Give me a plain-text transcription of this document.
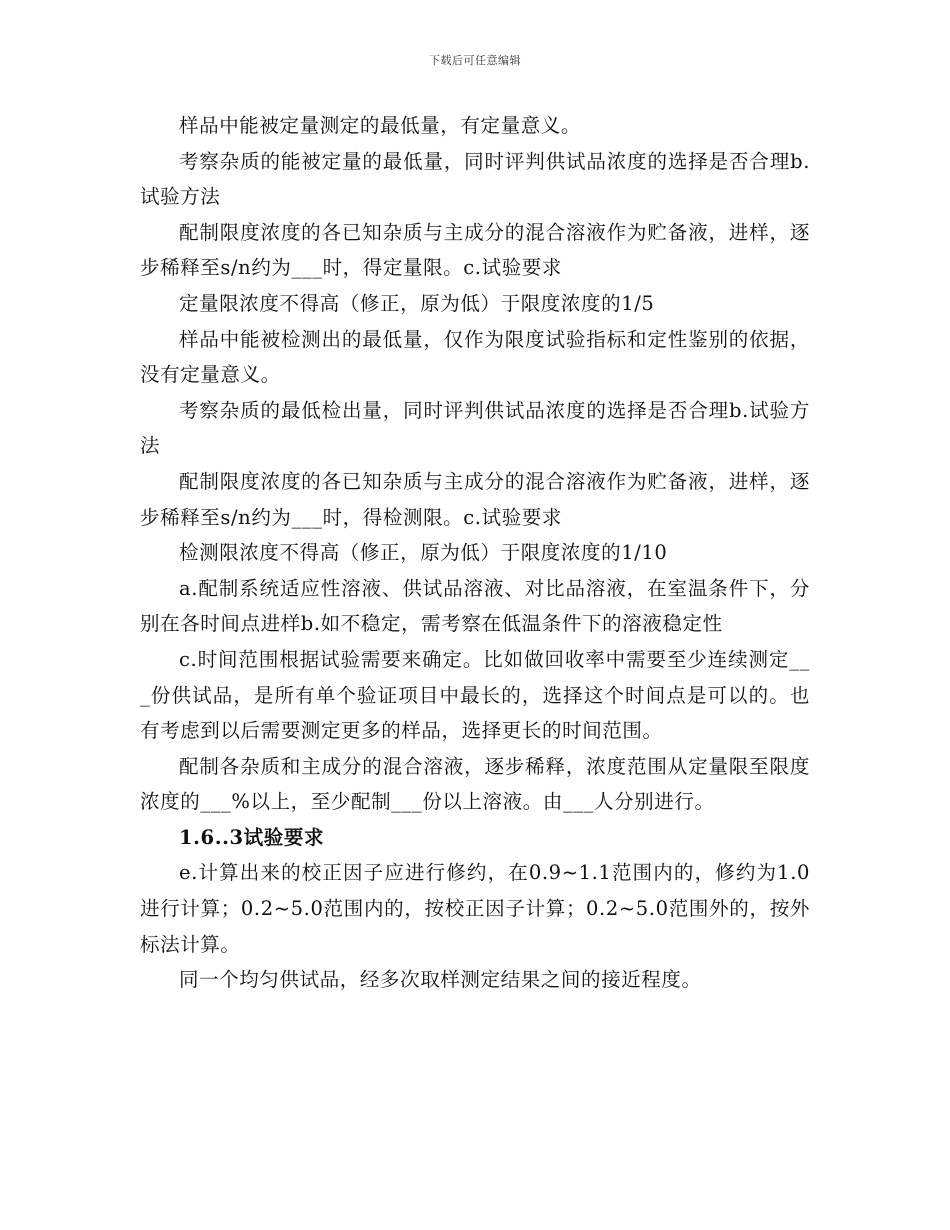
下载后可任意编辑

样品中能被定量测定的最低量，有定量意义。

考察杂质的能被定量的最低量，同时评判供试品浓度的选择是否合理b.试验方法

配制限度浓度的各已知杂质与主成分的混合溶液作为贮备液，进样，逐步稀释至s/n约为___时，得定量限。c.试验要求

定量限浓度不得高（修正，原为低）于限度浓度的1/5

样品中能被检测出的最低量，仅作为限度试验指标和定性鉴别的依据，没有定量意义。

考察杂质的最低检出量，同时评判供试品浓度的选择是否合理b.试验方法

配制限度浓度的各已知杂质与主成分的混合溶液作为贮备液，进样，逐步稀释至s/n约为___时，得检测限。c.试验要求

检测限浓度不得高（修正，原为低）于限度浓度的1/10

a.配制系统适应性溶液、供试品溶液、对比品溶液，在室温条件下，分别在各时间点进样b.如不稳定，需考察在低温条件下的溶液稳定性

c.时间范围根据试验需要来确定。比如做回收率中需要至少连续测定___份供试品，是所有单个验证项目中最长的，选择这个时间点是可以的。也有考虑到以后需要测定更多的样品，选择更长的时间范围。

配制各杂质和主成分的混合溶液，逐步稀释，浓度范围从定量限至限度浓度的___%以上，至少配制___份以上溶液。由___人分别进行。

1.6..3试验要求

e.计算出来的校正因子应进行修约，在0.9~1.1范围内的，修约为1.0进行计算；0.2~5.0范围内的，按校正因子计算；0.2~5.0范围外的，按外标法计算。

同一个均匀供试品，经多次取样测定结果之间的接近程度。
